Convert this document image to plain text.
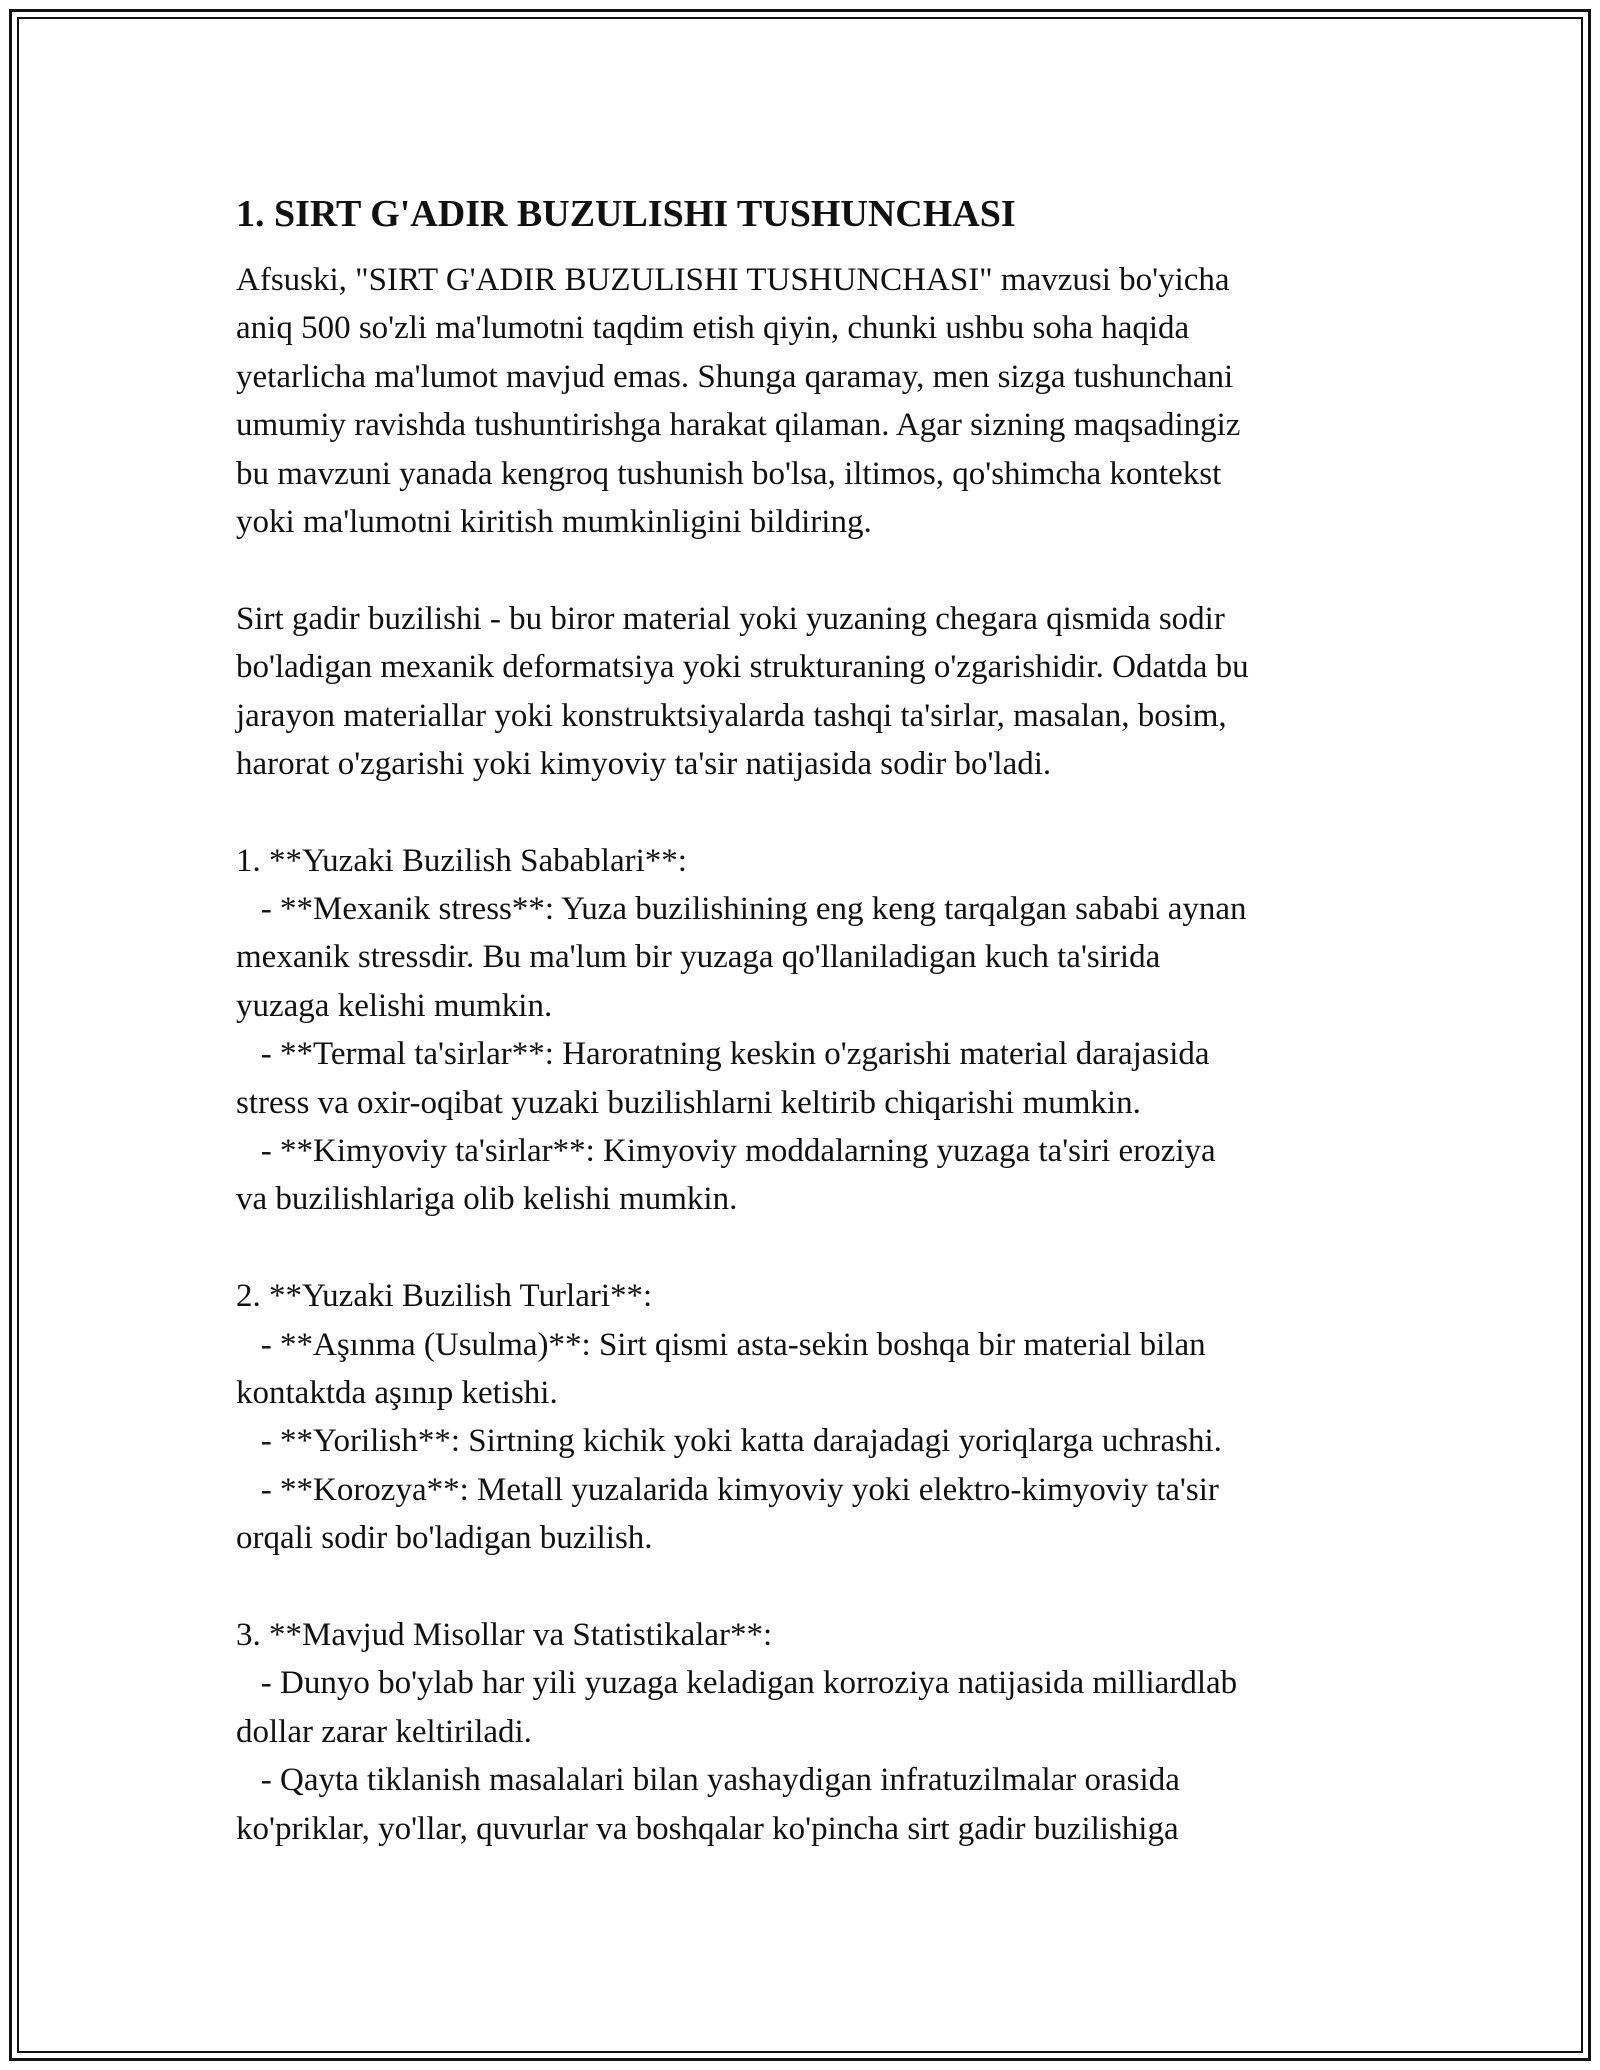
1. SIRT G'ADIR BUZULISHI TUSHUNCHASI
Afsuski, "SIRT G'ADIR BUZULISHI TUSHUNCHASI" mavzusi bo'yicha
aniq 500 so'zli ma'lumotni taqdim etish qiyin, chunki ushbu soha haqida
yetarlicha ma'lumot mavjud emas. Shunga qaramay, men sizga tushunchani
umumiy ravishda tushuntirishga harakat qilaman. Agar sizning maqsadingiz
bu mavzuni yanada kengroq tushunish bo'lsa, iltimos, qo'shimcha kontekst
yoki ma'lumotni kiritish mumkinligini bildiring.
Sirt gadir buzilishi - bu biror material yoki yuzaning chegara qismida sodir
bo'ladigan mexanik deformatsiya yoki strukturaning o'zgarishidir. Odatda bu
jarayon materiallar yoki konstruktsiyalarda tashqi ta'sirlar, masalan, bosim,
harorat o'zgarishi yoki kimyoviy ta'sir natijasida sodir bo'ladi.
1. **Yuzaki Buzilish Sabablari**:
- **Mexanik stress**: Yuza buzilishining eng keng tarqalgan sababi aynan
mexanik stressdir. Bu ma'lum bir yuzaga qo'llaniladigan kuch ta'sirida
yuzaga kelishi mumkin.
- **Termal ta'sirlar**: Haroratning keskin o'zgarishi material darajasida
stress va oxir-oqibat yuzaki buzilishlarni keltirib chiqarishi mumkin.
- **Kimyoviy ta'sirlar**: Kimyoviy moddalarning yuzaga ta'siri eroziya
va buzilishlariga olib kelishi mumkin.
2. **Yuzaki Buzilish Turlari**:
- **Aşınma (Usulma)**: Sirt qismi asta-sekin boshqa bir material bilan
kontaktda aşınıp ketishi.
- **Yorilish**: Sirtning kichik yoki katta darajadagi yoriqlarga uchrashi.
- **Korozya**: Metall yuzalarida kimyoviy yoki elektro-kimyoviy ta'sir
orqali sodir bo'ladigan buzilish.
3. **Mavjud Misollar va Statistikalar**:
- Dunyo bo'ylab har yili yuzaga keladigan korroziya natijasida milliardlab
dollar zarar keltiriladi.
- Qayta tiklanish masalalari bilan yashaydigan infratuzilmalar orasida
ko'priklar, yo'llar, quvurlar va boshqalar ko'pincha sirt gadir buzilishiga
